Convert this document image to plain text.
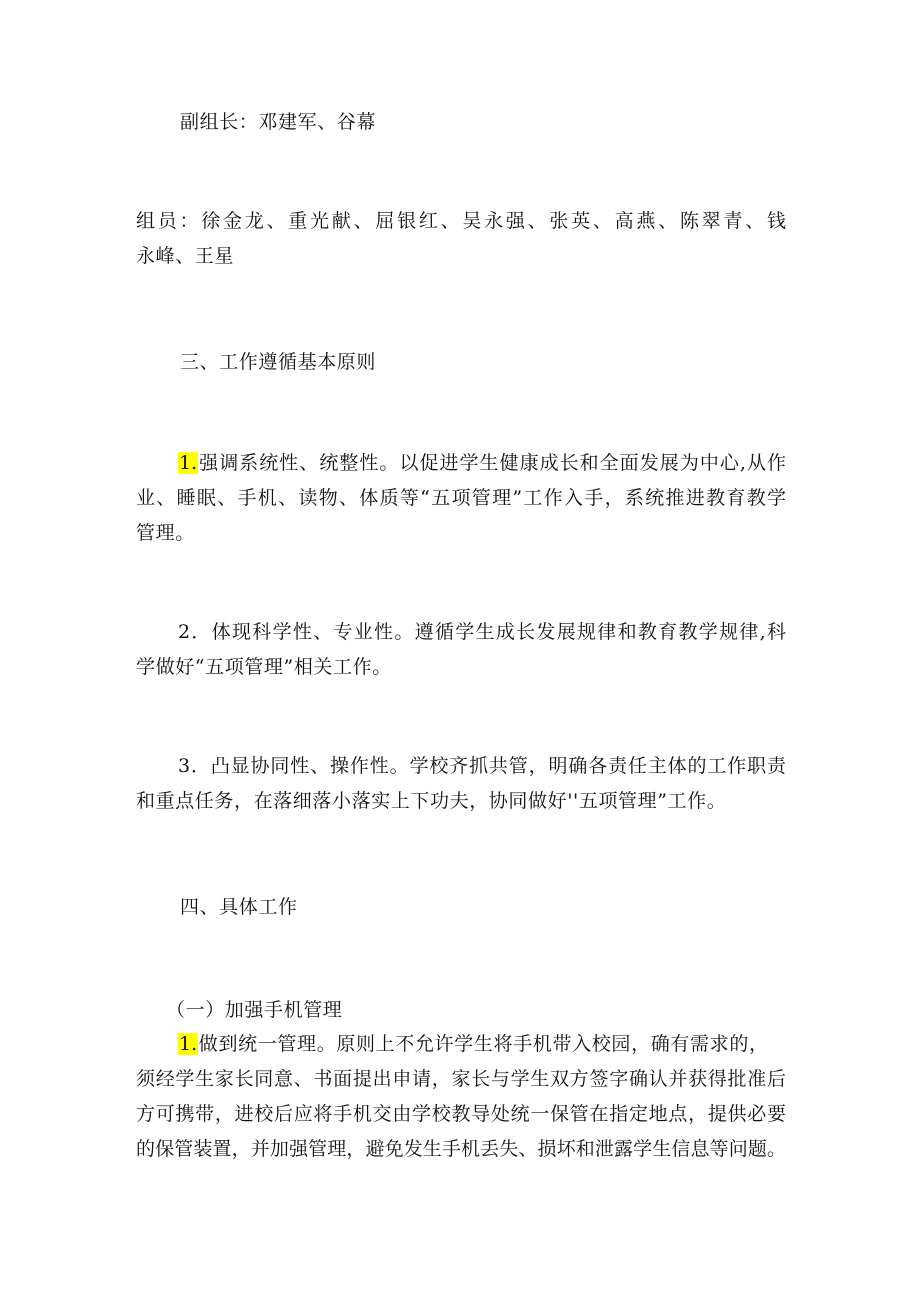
副组长：邓建军、谷幕
组员：徐金龙、重光献、屈银红、吴永强、张英、高燕、陈翠青、钱
永峰、王星
三、工作遵循基本原则
1.强调系统性、统整性。以促进学生健康成长和全面发展为中心,从作
业、睡眠、手机、读物、体质等“五项管理”工作入手，系统推进教育教学
管理。
2．体现科学性、专业性。遵循学生成长发展规律和教育教学规律,科
学做好“五项管理”相关工作。
3．凸显协同性、操作性。学校齐抓共管，明确各责任主体的工作职责
和重点任务，在落细落小落实上下功夫，协同做好''五项管理”工作。
四、具体工作
（一）加强手机管理
1.做到统一管理。原则上不允许学生将手机带入校园，确有需求的，
须经学生家长同意、书面提出申请，家长与学生双方签字确认并获得批准后
方可携带，进校后应将手机交由学校教导处统一保管在指定地点，提供必要
的保管装置，并加强管理，避免发生手机丢失、损坏和泄露学生信息等问题。
